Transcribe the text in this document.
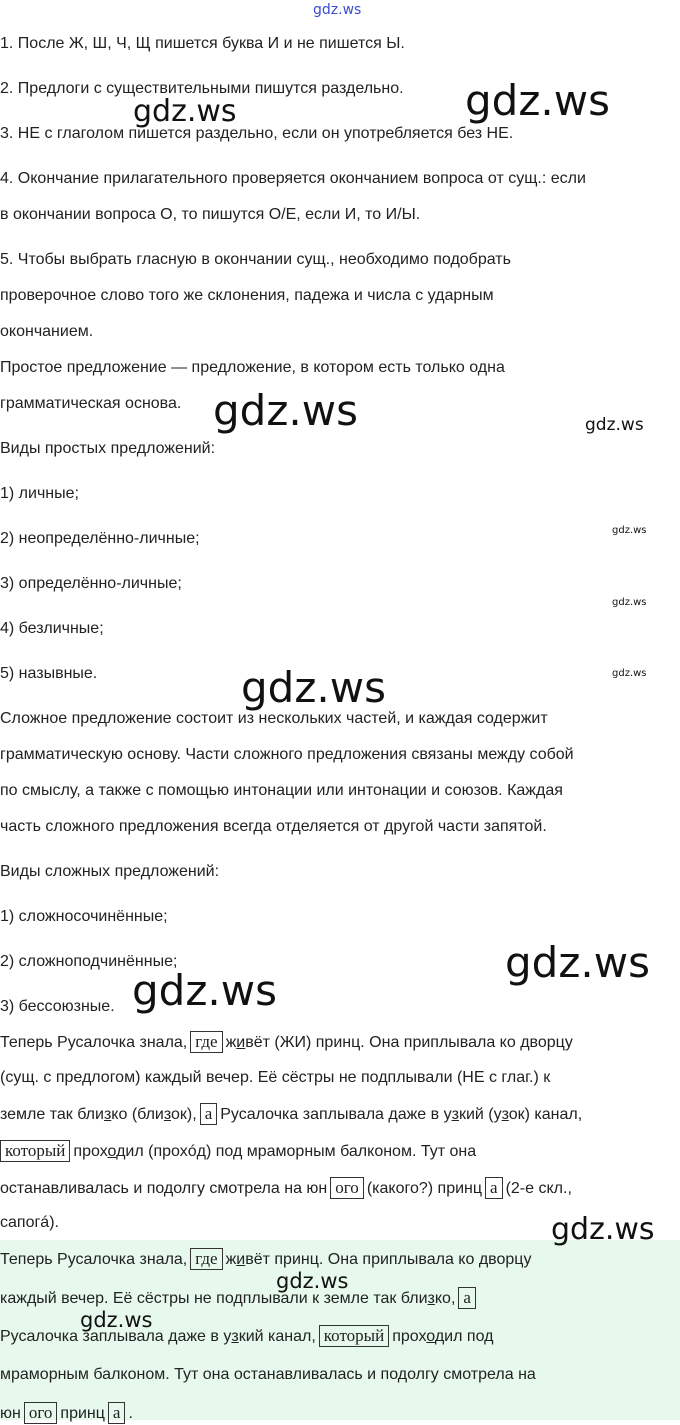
gdz.ws
gdz.ws
gdz.ws
gdz.ws	gdz.ws
gdz.ws
gdz.ws
gdz.ws
gdz.ws
gdz.ws
gdz.ws
gdz.ws
gdz.ws
gdz.ws
1. После Ж, Ш, Ч, Щ пишется буква И и не пишется Ы.
2. Предлоги с существительными пишутся раздельно.
3. НЕ с глаголом пишется раздельно, если он употребляется без НЕ.
4. Окончание прилагательного проверяется окончанием вопроса от сущ.: если
в окончании вопроса О, то пишутся О/Е, если И, то И/Ы.
5. Чтобы выбрать гласную в окончании сущ., необходимо подобрать
проверочное слово того же склонения, падежа и числа с ударным
окончанием.
Простое предложение — предложение, в котором есть только одна
грамматическая основа.
Виды простых предложений:
1) личные;
2) неопределённо-личные;
3) определённо-личные;
4) безличные;
5) назывные.
Сложное предложение состоит из нескольких частей, и каждая содержит
грамматическую основу. Части сложного предложения связаны между собой
по смыслу, а также с помощью интонации или интонации и союзов. Каждая
часть сложного предложения всегда отделяется от другой части запятой.
Виды сложных предложений:
1) сложносочинённые;
2) сложноподчинённые;
3) бессоюзные.
Теперь Русалочка знала, где живёт (ЖИ) принц. Она приплывала ко дворцу
(сущ. с предлогом) каждый вечер. Её сёстры не подплывали (НЕ с глаг.) к
земле так близко (близок), а Русалочка заплывала даже в узкий (узок) канал,
который проходил (прохóд) под мраморным балконом. Тут она
останавливалась и подолгу смотрела на юн ого (какого?) принц а (2-е скл.,
сапогá).
Теперь Русалочка знала, где живёт принц. Она приплывала ко дворцу
каждый вечер. Её сёстры не подплывали к земле так близко, а
Русалочка заплывала даже в узкий канал, который проходил под
мраморным балконом. Тут она останавливалась и подолгу смотрела на
юн ого принц а .
